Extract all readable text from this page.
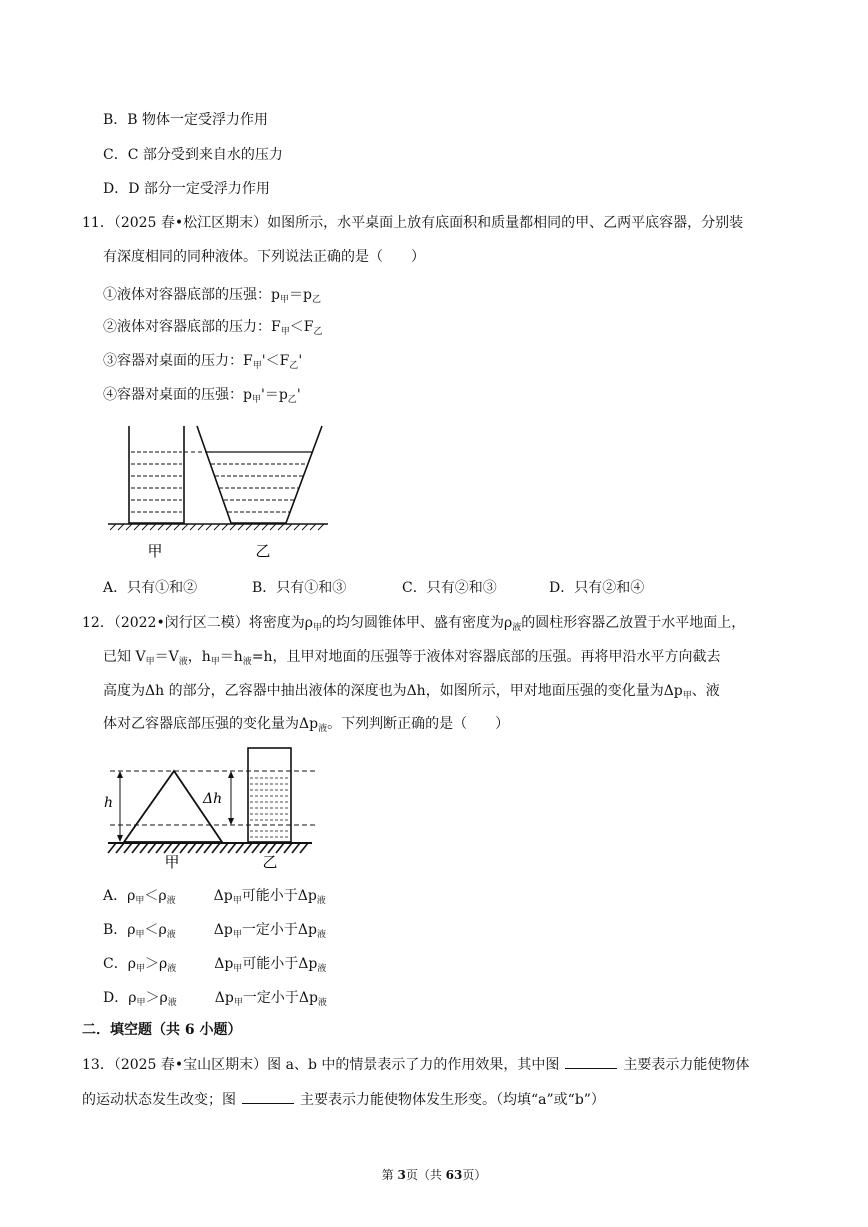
B．B 物体一定受浮力作用
C．C 部分受到来自水的压力
D．D 部分一定受浮力作用
11．（2025 春•松江区期末）如图所示，水平桌面上放有底面积和质量都相同的甲、乙两平底容器，分别装
有深度相同的同种液体。下列说法正确的是（　　）
①液体对容器底部的压强：$p_甲=p_乙$
②液体对容器底部的压力：$F_甲<F_乙$
③容器对桌面的压力：$F_甲'<F_乙'$
④容器对桌面的压强：$p_甲'=p_乙'$
甲	乙
A．只有①和②	B．只有①和③	C．只有②和③	D．只有②和④
12．（2022•闵行区二模）将密度为$\rho_甲$的均匀圆锥体甲、盛有密度为$\rho_液$的圆柱形容器乙放置于水平地面上，
已知 $V_甲=V_液$，$h_甲=h_液=h$，且甲对地面的压强等于液体对容器底部的压强。再将甲沿水平方向截去
高度为Δh 的部分，乙容器中抽出液体的深度也为Δh，如图所示，甲对地面压强的变化量为$\Delta p_甲$、液
体对乙容器底部压强的变化量为$\Delta p_液$。下列判断正确的是（　　）
h	Δh
甲	乙
A．$\rho_甲<\rho_液$	$\Delta p_甲$可能小于$\Delta p_液$
B．$\rho_甲<\rho_液$	$\Delta p_甲$一定小于$\Delta p_液$
C．$\rho_甲>\rho_液$	$\Delta p_甲$可能小于$\Delta p_液$
D．$\rho_甲>\rho_液$	$\Delta p_甲$一定小于$\Delta p_液$
二．填空题（共 6 小题）
13．（2025 春•宝山区期末）图 a、b 中的情景表示了力的作用效果，其中图	主要表示力能使物体
的运动状态发生改变；图	主要表示力能使物体发生形变。（均填“a”或“b”）
第 3页（共 63页）
